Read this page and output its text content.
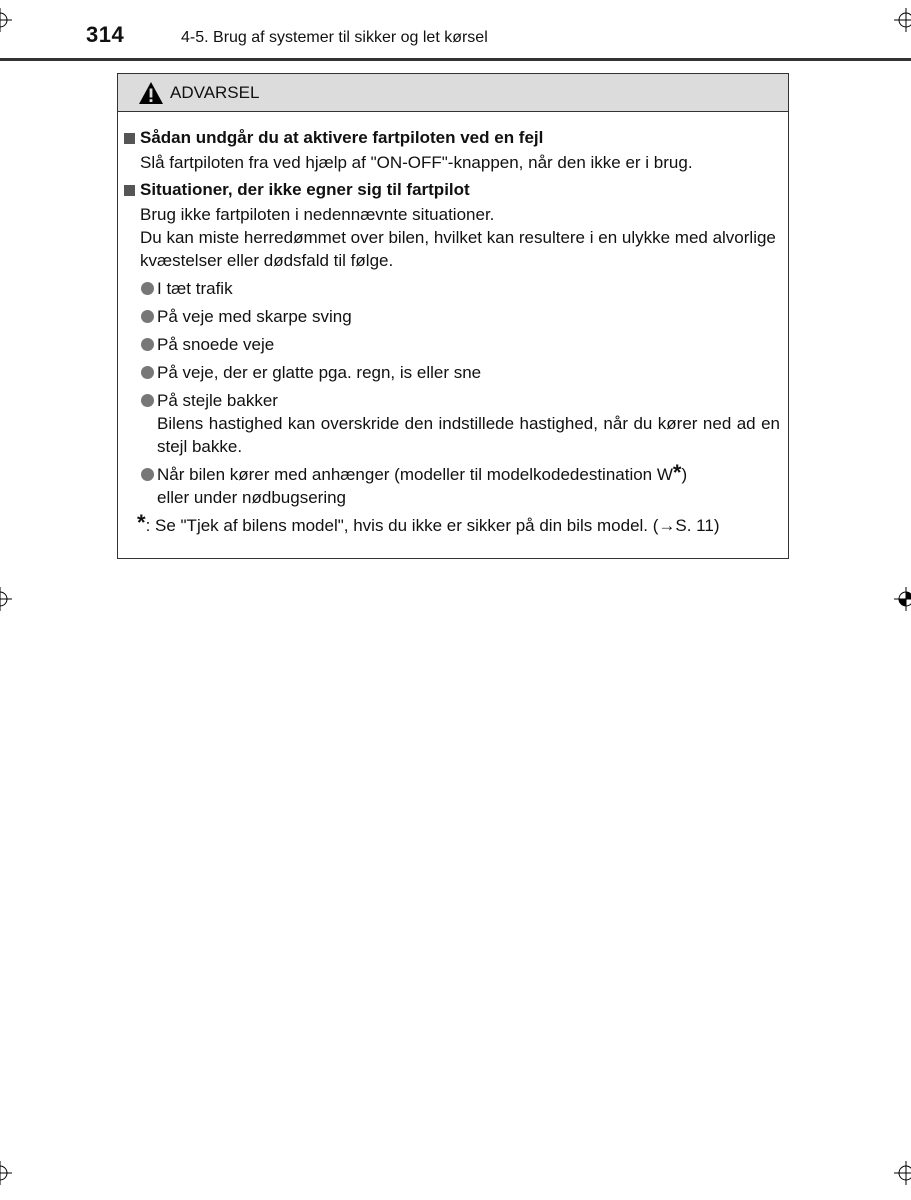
314	4-5. Brug af systemer til sikker og let kørsel
ADVARSEL
Sådan undgår du at aktivere fartpiloten ved en fejl
Slå fartpiloten fra ved hjælp af "ON-OFF"-knappen, når den ikke er i brug.
Situationer, der ikke egner sig til fartpilot
Brug ikke fartpiloten i nedennævnte situationer.
Du kan miste herredømmet over bilen, hvilket kan resultere i en ulykke med alvorlige kvæstelser eller dødsfald til følge.
I tæt trafik
På veje med skarpe sving
På snoede veje
På veje, der er glatte pga. regn, is eller sne
På stejle bakker
Bilens hastighed kan overskride den indstillede hastighed, når du kører ned ad en stejl bakke.
Når bilen kører med anhænger (modeller til modelkodedestination W*)
eller under nødbugsering
* : Se "Tjek af bilens model", hvis du ikke er sikker på din bils model. (→S. 11)
